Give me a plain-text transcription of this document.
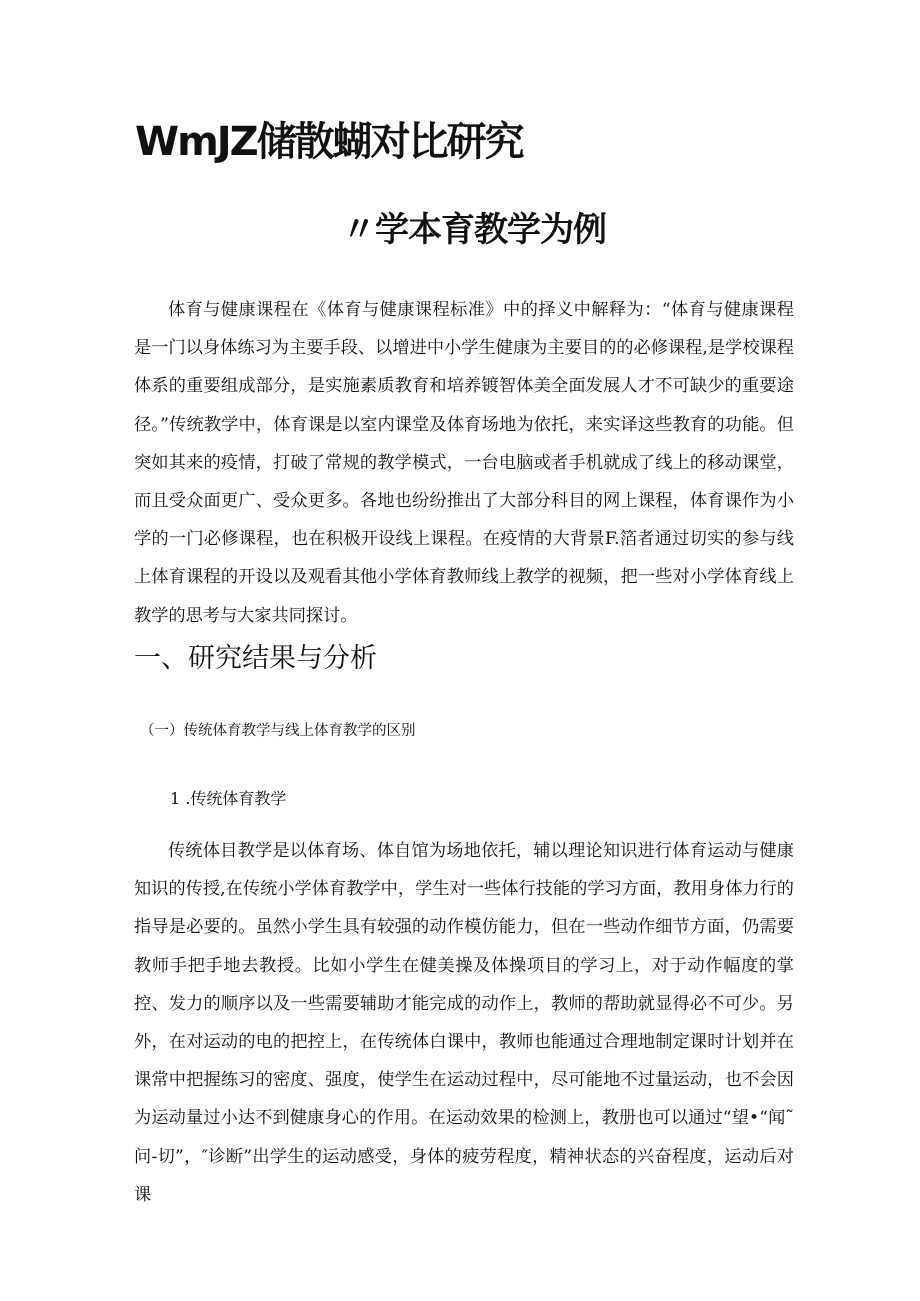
WmJZ储散蝴对比研究
〃学本育教学为例

体育与健康课程在《体育与健康课程标准》中的择义中解释为：“体育与健康课程是一门以身体练习为主要手段、以增进中小学生健康为主要目的的必修课程,是学校课程体系的重要组成部分，是实施素质教育和培养镀智体美全面发展人才不可缺少的重要途径。”传统教学中，体育课是以室内课堂及体育场地为依托，来实译这些教育的功能。但突如其来的疫情，打破了常规的教学模式，一台电脑或者手机就成了线上的移动课堂，而且受众面更广、受众更多。各地也纷纷推出了大部分科目的网上课程，体育课作为小学的一门必修课程，也在积极开设线上课程。在疫情的大背景F.箔者通过切实的参与线上体育课程的开设以及观看其他小学体育教师线上教学的视频，把一些对小学体育线上教学的思考与大家共同探讨。

一、研究结果与分析
（一）传统体育教学与线上体育教学的区别
1 .传统体育教学

传统体目教学是以体育场、体自馆为场地依托，辅以理论知识进行体育运动与健康知识的传授,在传统小学体育教学中，学生对一些体行技能的学习方面，教用身体力行的指导是必要的。虽然小学生具有较强的动作模仿能力，但在一些动作细节方面，仍需要教师手把手地去教授。比如小学生在健美操及体操项目的学习上，对于动作幅度的掌控、发力的顺序以及一些需要辅助才能完成的动作上，教师的帮助就显得必不可少。另外，在对运动的电的把控上，在传统体白课中，教师也能通过合理地制定课时计划并在课常中把握练习的密度、强度，使学生在运动过程中，尽可能地不过量运动，也不会因为运动量过小达不到健康身心的作用。在运动效果的检测上，教册也可以通过“望•“闻˜问-切”，″诊断”出学生的运动感受，身体的疲劳程度，精神状态的兴奋程度，运动后对课
